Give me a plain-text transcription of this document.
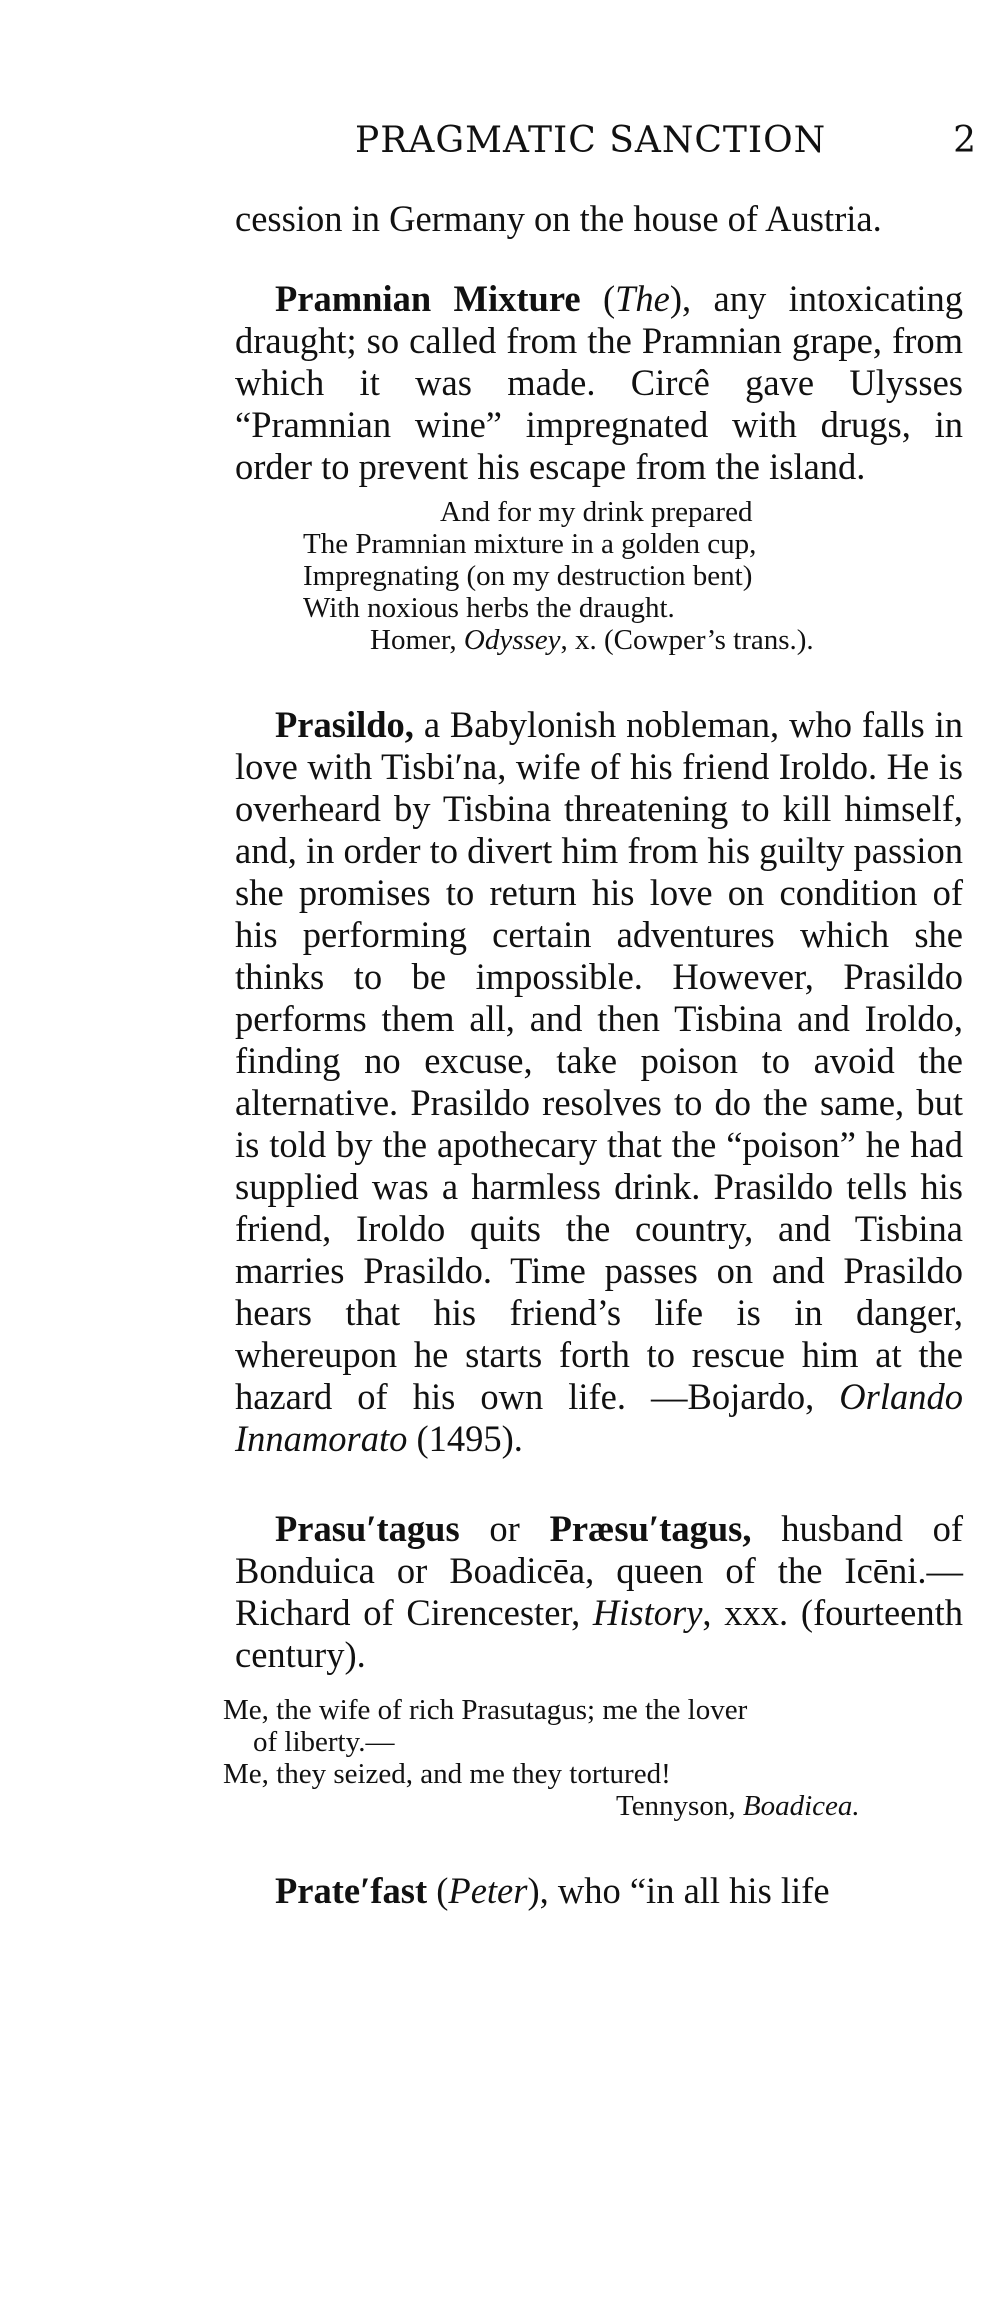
PRAGMATIC SANCTION	2

cession in Germany on the house of Austria.

Pramnian Mixture (The), any intoxicating draught; so called from the Pramnian grape, from which it was made. Circê gave Ulysses “Pramnian wine” impregnated with drugs, in order to prevent his escape from the island.

And for my drink prepared
The Pramnian mixture in a golden cup,
Impregnating (on my destruction bent)
With noxious herbs the draught.
Homer, Odyssey, x. (Cowper’s trans.).

Prasildo, a Babylonish nobleman, who falls in love with Tisbi′na, wife of his friend Iroldo. He is overheard by Tisbina threatening to kill himself, and, in order to divert him from his guilty passion she promises to return his love on condition of his performing certain adventures which she thinks to be impossible. However, Prasildo performs them all, and then Tisbina and Iroldo, finding no excuse, take poison to avoid the alternative. Prasildo resolves to do the same, but is told by the apothecary that the “poison” he had supplied was a harmless drink. Prasildo tells his friend, Iroldo quits the country, and Tisbina marries Prasildo. Time passes on and Prasildo hears that his friend’s life is in danger, whereupon he starts forth to rescue him at the hazard of his own life. —Bojardo, Orlando Innamorato (1495).

Prasu′tagus or Præsu′tagus, husband of Bonduica or Boadicēa, queen of the Icēni.—Richard of Cirencester, History, xxx. (fourteenth century).

Me, the wife of rich Prasutagus; me the lover
of liberty.—
Me, they seized, and me they tortured!
Tennyson, Boadicea.

Prate′fast (Peter), who “in all his life
